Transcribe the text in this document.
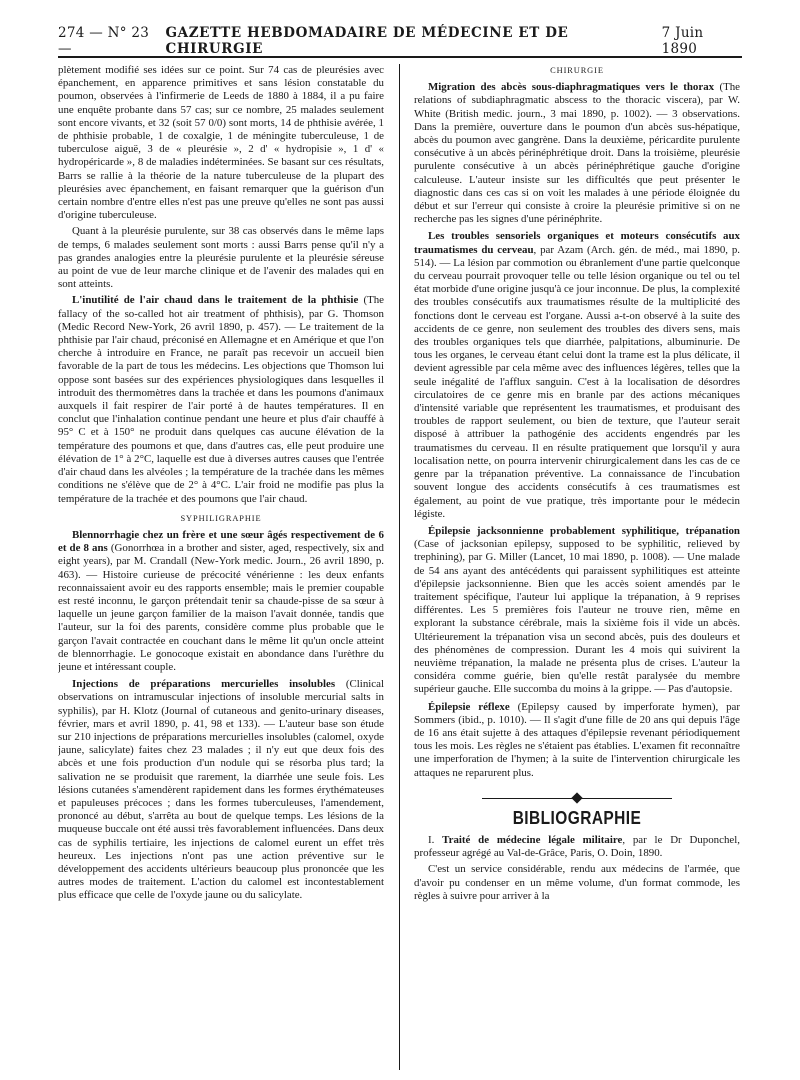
274 — N° 23 —
GAZETTE HEBDOMADAIRE DE MÉDECINE ET DE CHIRURGIE
7 Juin 1890

plètement modifié ses idées sur ce point. Sur 74 cas de pleurésies avec épanchement, en apparence primitives et sans lésion constatable du poumon, observées à l'infirmerie de Leeds de 1880 à 1884, il a pu faire une enquête probante dans 57 cas; sur ce nombre, 25 malades seulement sont encore vivants, et 32 (soit 57 0/0) sont morts, 14 de phthisie avérée, 1 de phthisie probable, 1 de coxalgie, 1 de méningite tuberculeuse, 1 de tuberculose aiguë, 3 de « pleurésie », 2 d' « hydropisie », 1 d' « hydropéricarde », 8 de maladies indéterminées. Se basant sur ces résultats, Barrs se rallie à la théorie de la nature tuberculeuse de la plupart des pleurésies avec épanchement, en faisant remarquer que la guérison d'un certain nombre d'entre elles n'est pas une preuve qu'elles ne sont pas aussi d'origine tuberculeuse.

Quant à la pleurésie purulente, sur 38 cas observés dans le même laps de temps, 6 malades seulement sont morts : aussi Barrs pense qu'il n'y a pas grandes analogies entre la pleurésie purulente et la pleurésie séreuse au point de vue de leur marche clinique et de l'avenir des malades qui en sont atteints.

L'inutilité de l'air chaud dans le traitement de la phthisie (The fallacy of the so-called hot air treatment of phthisis), par G. Thomson (Medic Record New-York, 26 avril 1890, p. 457). — Le traitement de la phthisie par l'air chaud, préconisé en Allemagne et en Amérique et que l'on cherche à introduire en France, ne paraît pas recevoir un accueil bien favorable de la part de tous les médecins. Les objections que Thomson lui oppose sont basées sur des expériences physiologiques dans lesquelles il introduit des thermomètres dans la trachée et dans les poumons d'animaux auxquels il fait respirer de l'air porté à de hautes températures. Il en conclut que l'inhalation continue pendant une heure et plus d'air chauffé à 95° C et à 150° ne produit dans quelques cas aucune élévation de la température des poumons et que, dans d'autres cas, elle peut produire une élévation de 1° à 2°C, laquelle est due à diverses autres causes que l'entrée d'air chaud dans les alvéoles ; la température de la trachée dans les mêmes conditions ne s'élève que de 2° à 4°C. L'air froid ne modifie pas plus la température de la trachée et des poumons que l'air chaud.

SYPHILIGRAPHIE

Blennorrhagie chez un frère et une sœur âgés respectivement de 6 et de 8 ans (Gonorrhœa in a brother and sister, aged, respectively, six and eight years), par M. Crandall (New-York medic. Journ., 26 avril 1890, p. 463). — Histoire curieuse de précocité vénérienne : les deux enfants reconnaissaient avoir eu des rapports ensemble; mais le premier coupable est resté inconnu, le garçon prétendait tenir sa chaude-pisse de sa sœur à laquelle un jeune garçon familier de la maison l'avait donnée, tandis que l'auteur, sur la foi des parents, considère comme plus probable que le garçon l'avait contractée en couchant dans le même lit qu'un oncle atteint de blennorrhagie. Le gonocoque existait en abondance dans l'urèthre du jeune et intéressant couple.

Injections de préparations mercurielles insolubles (Clinical observations on intramuscular injections of insoluble mercurial salts in syphilis), par H. Klotz (Journal of cutaneous and genito-urinary diseases, février, mars et avril 1890, p. 41, 98 et 133). — L'auteur base son étude sur 210 injections de préparations mercurielles insolubles (calomel, oxyde jaune, salicylate) faites chez 23 malades ; il n'y eut que deux fois des abcès et une fois production d'un nodule qui se résorba plus tard; la salivation ne se produisit que rarement, la diarrhée une seule fois. Les lésions cutanées s'amendèrent rapidement dans les formes érythémateuses et papuleuses précoces ; dans les formes tuberculeuses, l'amendement, prononcé au début, s'arrêta au bout de quelque temps. Les lésions de la muqueuse buccale ont été aussi très favorablement influencées. Dans deux cas de syphilis tertiaire, les injections de calomel eurent un effet très heureux. Les injections n'ont pas une action préventive sur le développement des accidents ultérieurs beaucoup plus prononcée que les autres modes de traitement. L'action du calomel est incontestablement plus efficace que celle de l'oxyde jaune ou du salicylate.

CHIRURGIE

Migration des abcès sous-diaphragmatiques vers le thorax (The relations of subdiaphragmatic abscess to the thoracic viscera), par W. White (British medic. journ., 3 mai 1890, p. 1002). — 3 observations. Dans la première, ouverture dans le poumon d'un abcès sus-hépatique, abcès du poumon avec gangrène. Dans la deuxième, péricardite purulente consécutive à un abcès périnéphrétique droit. Dans la troisième, pleurésie purulente consécutive à un abcès périnéphrétique gauche d'origine calculeuse. L'auteur insiste sur les difficultés que peut présenter le diagnostic dans ces cas si on voit les malades à une période éloignée du début et sur l'erreur qui consiste à croire la pleurésie primitive si on ne recherche pas les signes d'une périnéphrite.

Les troubles sensoriels organiques et moteurs consécutifs aux traumatismes du cerveau, par Azam (Arch. gén. de méd., mai 1890, p. 514). — La lésion par commotion ou ébranlement d'une partie quelconque du cerveau pourrait provoquer telle ou telle lésion organique ou tel ou tel état morbide d'une origine jusqu'à ce jour inconnue. De plus, la complexité des troubles consécutifs aux traumatismes résulte de la multiplicité des fonctions dont le cerveau est l'organe. Aussi a-t-on observé à la suite des accidents de ce genre, non seulement des troubles des divers sens, mais des troubles organiques tels que diarrhée, palpitations, albuminurie. De tous les organes, le cerveau étant celui dont la trame est la plus délicate, il devient agressible par cela même avec des influences légères, telles que la seule inégalité de l'afflux sanguin. C'est à la localisation de désordres circulatoires de ce genre mis en branle par des actions mécaniques d'intensité variable que représentent les traumatismes, et produisant des troubles de rapport seulement, ou bien de texture, que l'auteur serait disposé à attribuer la pathogénie des accidents engendrés par les traumatismes du cerveau. Il en résulte pratiquement que lorsqu'il y aura localisation nette, on pourra intervenir chirurgicalement dans les cas de ce genre par la trépanation préventive. La connaissance de l'incubation souvent longue des accidents consécutifs à ces traumatismes est également, au point de vue pratique, très importante pour le médecin légiste.

Épilepsie jacksonnienne probablement syphilitique, trépanation (Case of jacksonian epilepsy, supposed to be syphilitic, relieved by trephining), par G. Miller (Lancet, 10 mai 1890, p. 1008). — Une malade de 54 ans ayant des antécédents qui paraissent syphilitiques est atteinte d'épilepsie jacksonnienne. Bien que les accès soient amendés par le traitement spécifique, l'auteur lui applique la trépanation, à 9 reprises différentes. Les 5 premières fois l'auteur ne trouve rien, même en explorant la substance cérébrale, mais la sixième fois il vide un abcès. Ultérieurement la trépanation visa un second abcès, puis des douleurs et des phénomènes de compression. Durant les 4 mois qui suivirent la neuvième trépanation, la malade ne présenta plus de crises. L'auteur la considéra comme guérie, bien qu'elle restât paralysée du membre supérieur gauche. Elle succomba du moins à la grippe. — Pas d'autopsie.

Épilepsie réflexe (Epilepsy caused by imperforate hymen), par Sommers (ibid., p. 1010). — Il s'agit d'une fille de 20 ans qui depuis l'âge de 16 ans était sujette à des attaques d'épilepsie revenant périodiquement tous les mois. Les règles ne s'étaient pas établies. L'examen fit reconnaître une imperforation de l'hymen; à la suite de l'intervention chirurgicale les attaques ne reparurent plus.

BIBLIOGRAPHIE

I. Traité de médecine légale militaire, par le Dr Duponchel, professeur agrégé au Val-de-Grâce, Paris, O. Doin, 1890.

C'est un service considérable, rendu aux médecins de l'armée, que d'avoir pu condenser en un même volume, d'un format commode, les règles à suivre pour arriver à la
